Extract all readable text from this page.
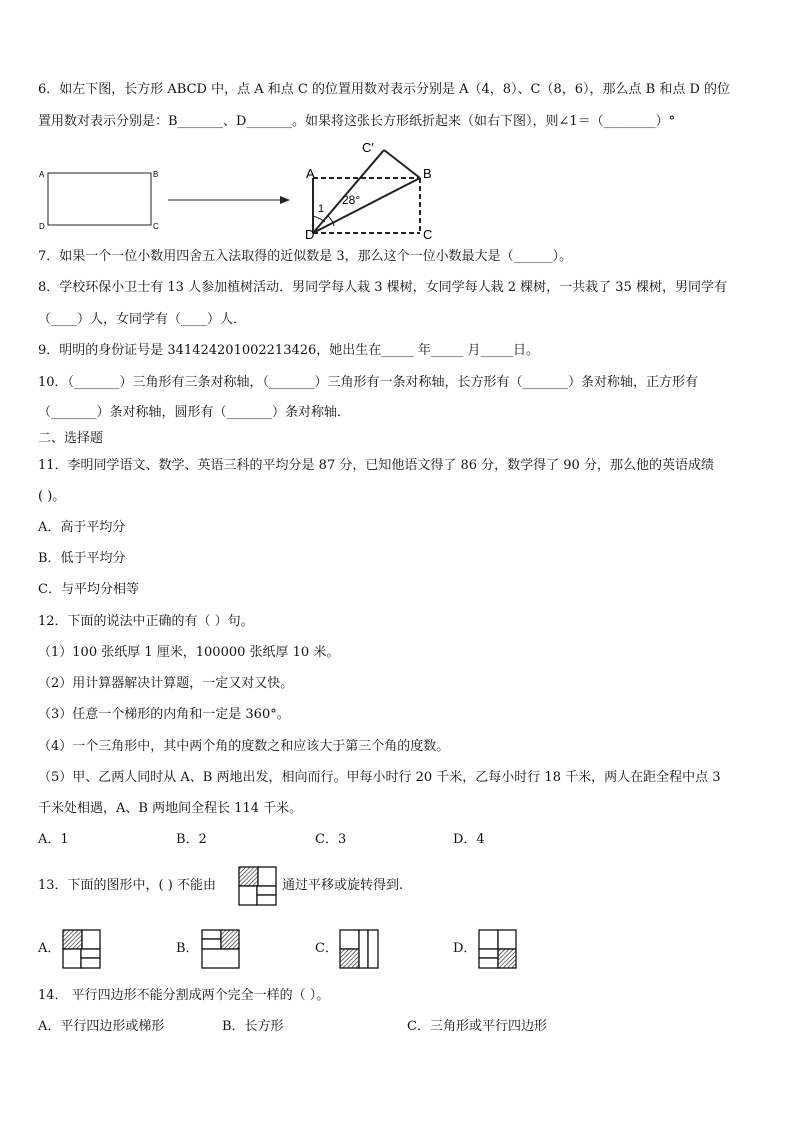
6．如左下图，长方形 ABCD 中，点 A 和点 C 的位置用数对表示分别是 A（4，8）、C（8，6），那么点 B 和点 D 的位
置用数对表示分别是：B_______、D_______。如果将这张长方形纸折起来（如右下图），则∠1＝（________）°
A	B
C
D
A	B
C
D
C′
1
28°
7．如果一个一位小数用四舍五入法取得的近似数是 3，那么这个一位小数最大是（______）。
8．学校环保小卫士有 13 人参加植树活动．男同学每人栽 3 棵树，女同学每人栽 2 棵树，一共栽了 35 棵树，男同学有
（____）人，女同学有（____）人．
9．明明的身份证号是 341424201002213426，她出生在_____ 年_____ 月_____日。
10．（_______）三角形有三条对称轴，（_______）三角形有一条对称轴，长方形有（_______）条对称轴，正方形有
（_______）条对称轴，圆形有（_______）条对称轴．
二、选择题
11．李明同学语文、数学、英语三科的平均分是 87 分，已知他语文得了 86 分，数学得了 90 分，那么他的英语成绩
( )。
A．高于平均分
B．低于平均分
C．与平均分相等
12．下面的说法中正确的有（ ）句。
（1）100 张纸厚 1 厘米，100000 张纸厚 10 米。
（2）用计算器解决计算题，一定又对又快。
（3）任意一个梯形的内角和一定是 360°。
（4）一个三角形中，其中两个角的度数之和应该大于第三个角的度数。
（5）甲、乙两人同时从 A、B 两地出发，相向而行。甲每小时行 20 千米，乙每小时行 18 千米，两人在距全程中点 3
千米处相遇，A、B 两地间全程长 114 千米。
A．1	B．2	C．3	D．4
13．下面的图形中，( ) 不能由	通过平移或旋转得到.
A．	B．	C．	D．
14． 平行四边形不能分割成两个完全一样的（ ）。
A．平行四边形或梯形	B．长方形	C．三角形或平行四边形
